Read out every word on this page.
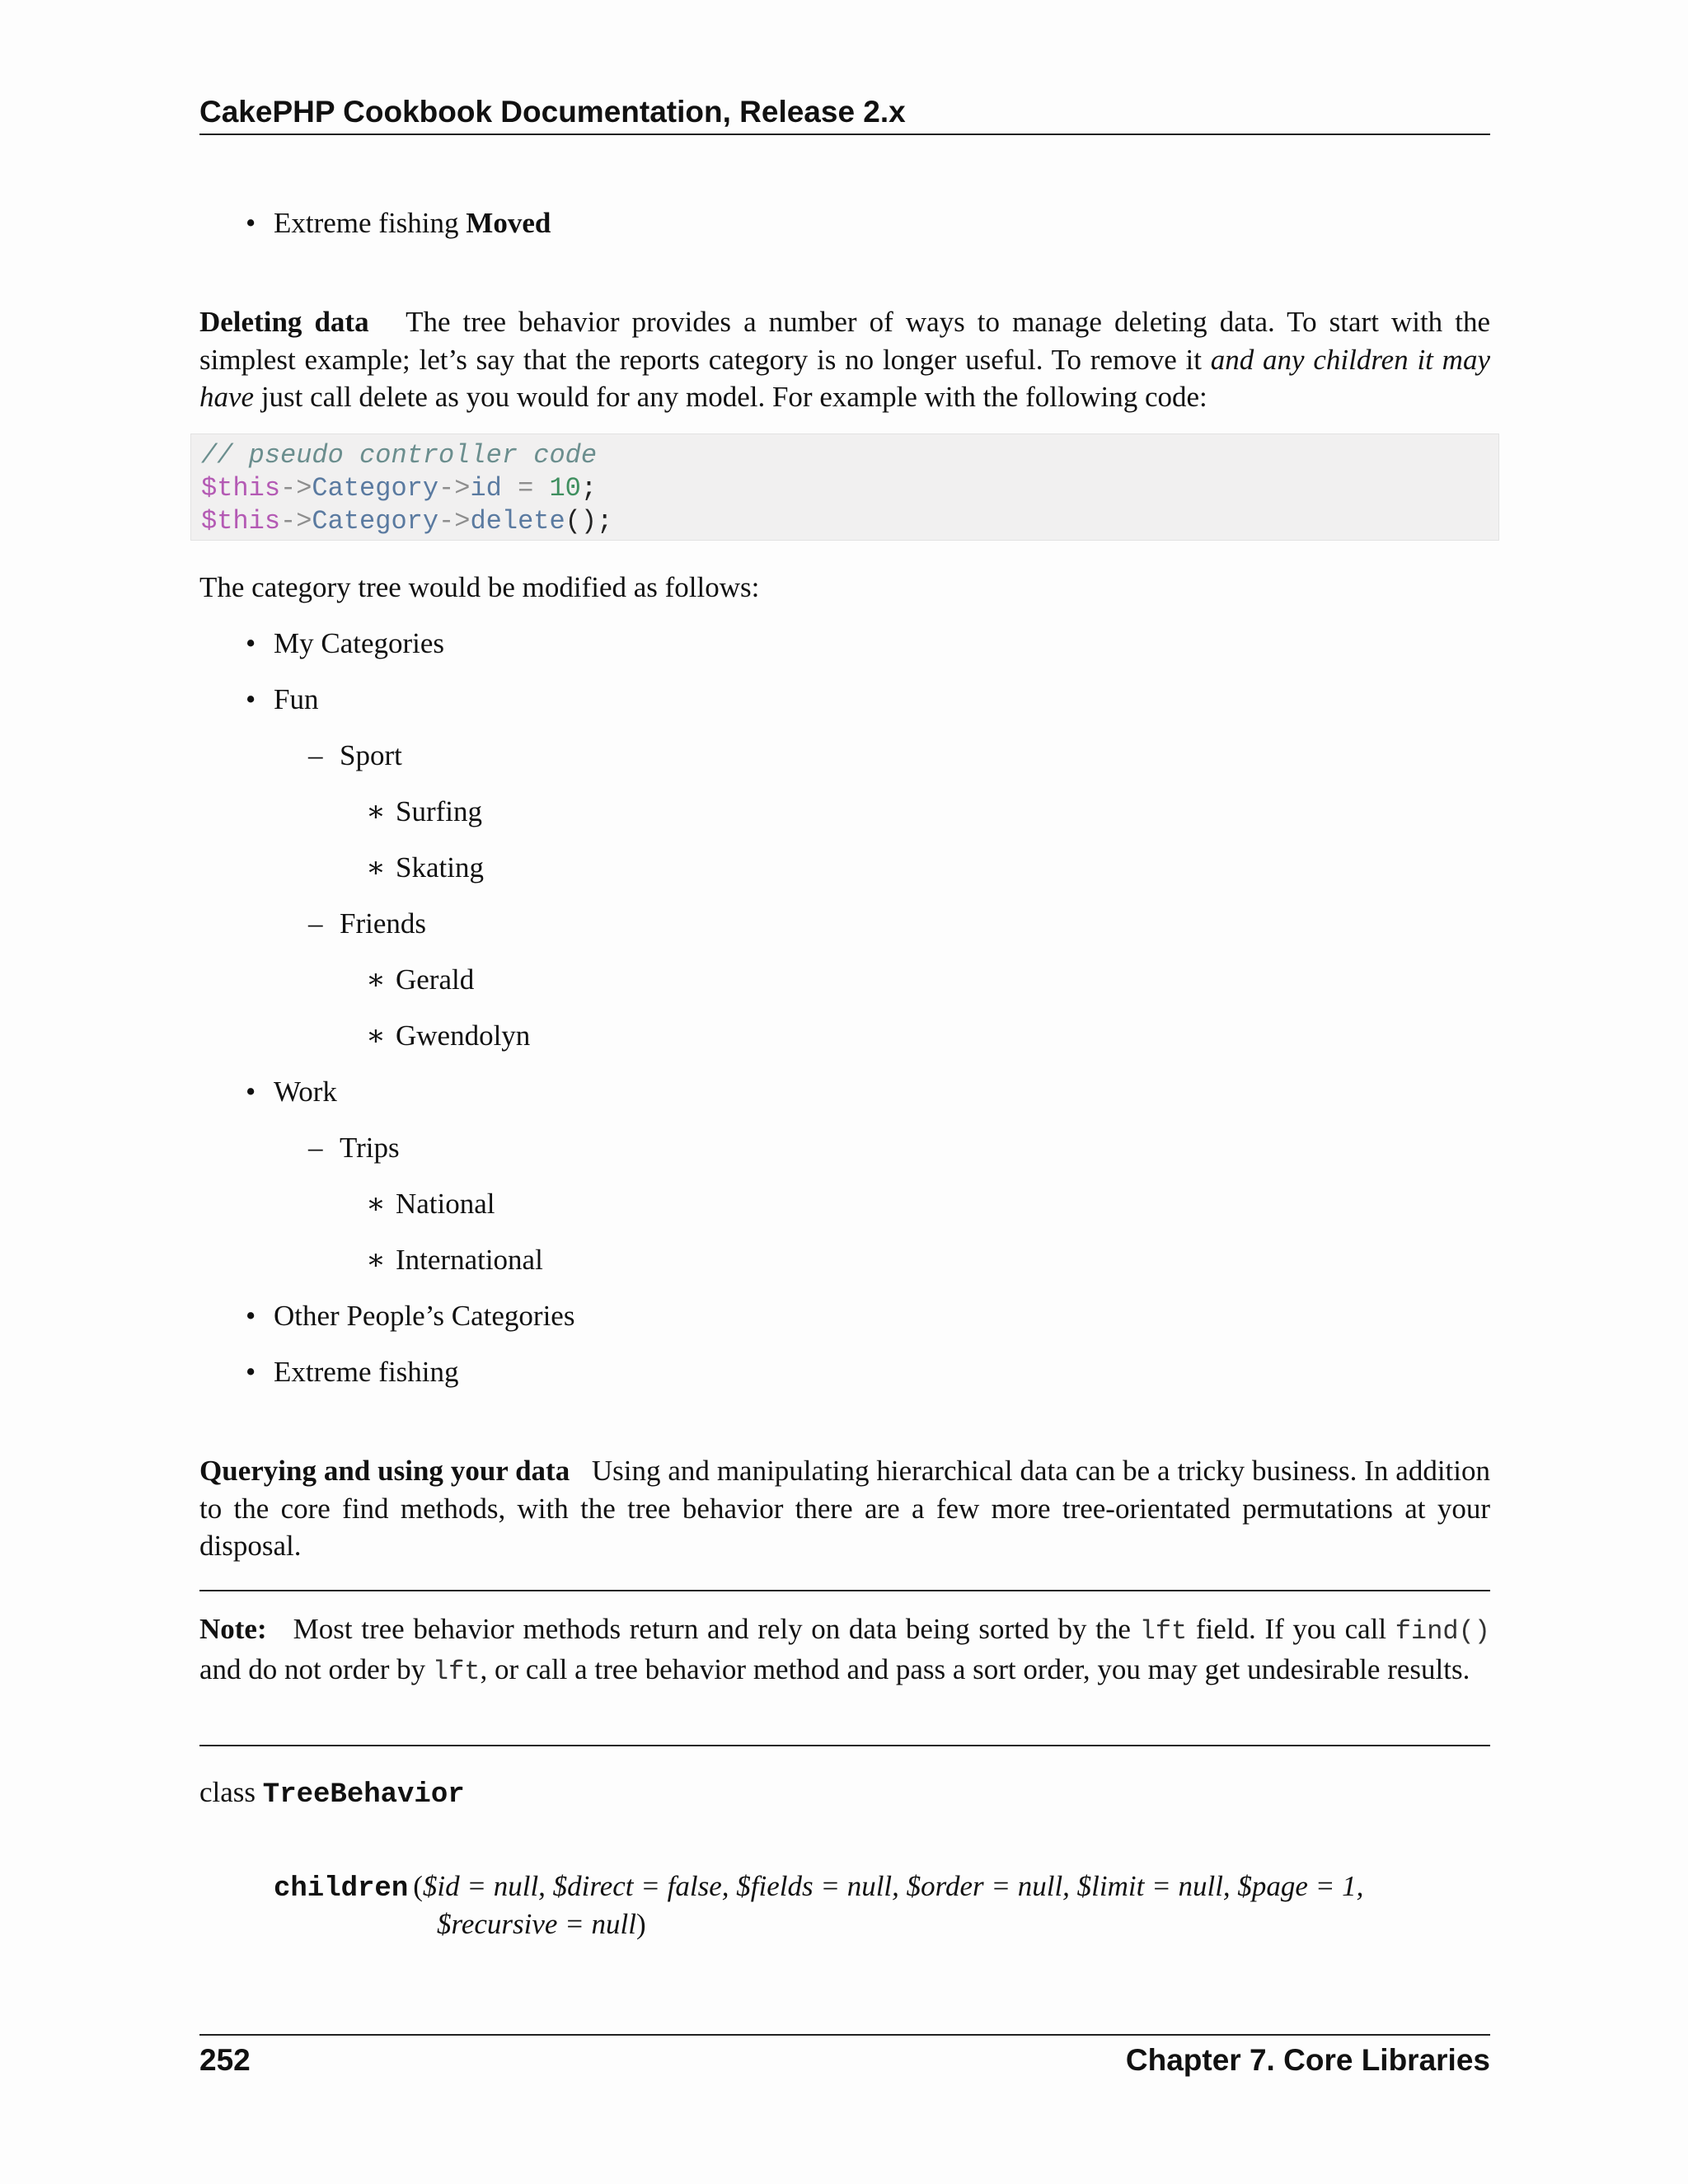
CakePHP Cookbook Documentation, Release 2.x
• Extreme fishing Moved
Deleting data The tree behavior provides a number of ways to manage deleting data. To start with the simplest example; let’s say that the reports category is no longer useful. To remove it and any children it may have just call delete as you would for any model. For example with the following code:
// pseudo controller code
$this->Category->id = 10;
$this->Category->delete();
The category tree would be modified as follows:
• My Categories
• Fun
– Sport
∗ Surfing
∗ Skating
– Friends
∗ Gerald
∗ Gwendolyn
• Work
– Trips
∗ National
∗ International
• Other People’s Categories
• Extreme fishing
Querying and using your data Using and manipulating hierarchical data can be a tricky business. In addition to the core find methods, with the tree behavior there are a few more tree-orientated permutations at your disposal.
Note: Most tree behavior methods return and rely on data being sorted by the lft field. If you call find() and do not order by lft, or call a tree behavior method and pass a sort order, you may get undesirable results.
class TreeBehavior
children ($id = null, $direct = false, $fields = null, $order = null, $limit = null, $page = 1,
$recursive = null)
252	Chapter 7. Core Libraries
